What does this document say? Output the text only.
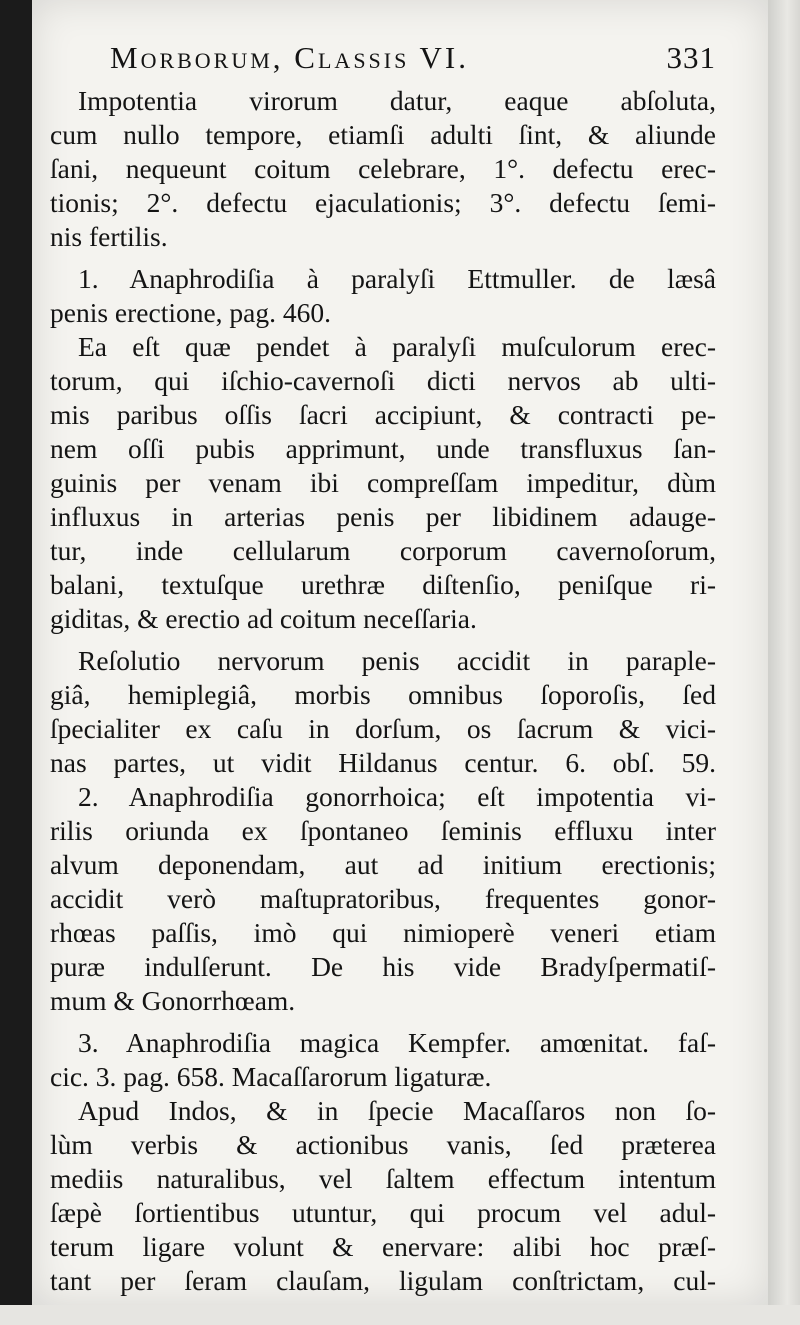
Morborum, Classis VI.	331
Impotentia virorum datur, eaque abſoluta,
cum nullo tempore, etiamſi adulti ſint, & aliunde
ſani, nequeunt coitum celebrare, 1°. defectu erec-
tionis; 2°. defectu ejaculationis; 3°. defectu ſemi-
nis fertilis.
1. Anaphrodiſia à paralyſi Ettmuller. de læsâ
penis erectione, pag. 460.
Ea eſt quæ pendet à paralyſi muſculorum erec-
torum, qui iſchio-cavernoſi dicti nervos ab ulti-
mis paribus oſſis ſacri accipiunt, & contracti pe-
nem oſſi pubis apprimunt, unde transfluxus ſan-
guinis per venam ibi compreſſam impeditur, dùm
influxus in arterias penis per libidinem adauge-
tur, inde cellularum corporum cavernoſorum,
balani, textuſque urethræ diſtenſio, peniſque ri-
giditas, & erectio ad coitum neceſſaria.
Reſolutio nervorum penis accidit in paraple-
giâ, hemiplegiâ, morbis omnibus ſoporoſis, ſed
ſpecialiter ex caſu in dorſum, os ſacrum & vici-
nas partes, ut vidit Hildanus centur. 6. obſ. 59.
2. Anaphrodiſia gonorrhoica; eſt impotentia vi-
rilis oriunda ex ſpontaneo ſeminis effluxu inter
alvum deponendam, aut ad initium erectionis;
accidit verò maſtupratoribus, frequentes gonor-
rhœas paſſis, imò qui nimioperè veneri etiam
puræ indulſerunt. De his vide Bradyſpermatiſ-
mum & Gonorrhœam.
3. Anaphrodiſia magica Kempfer. amœnitat. faſ-
cic. 3. pag. 658. Macaſſarorum ligaturæ.
Apud Indos, & in ſpecie Macaſſaros non ſo-
lùm verbis & actionibus vanis, ſed præterea
mediis naturalibus, vel ſaltem effectum intentum
ſæpè ſortientibus utuntur, qui procum vel adul-
terum ligare volunt & enervare: alibi hoc præſ-
tant per ſeram clauſam, ligulam conſtrictam, cul-
